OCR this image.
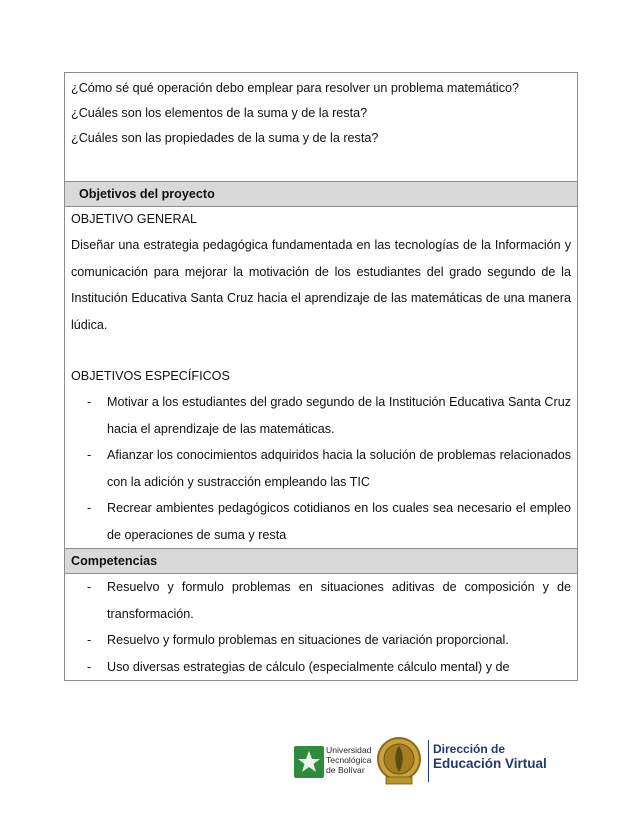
¿Cómo sé qué operación debo emplear para resolver un problema matemático?

¿Cuáles son los elementos de la suma y de la resta?

¿Cuáles son las propiedades de la suma y de la resta?

Objetivos del proyecto

OBJETIVO GENERAL

Diseñar una estrategia pedagógica fundamentada en las tecnologías de la Información y comunicación para mejorar la motivación de los estudiantes del grado segundo de la Institución Educativa Santa Cruz hacia el aprendizaje de las matemáticas de una manera lúdica.

OBJETIVOS ESPECÍFICOS

- Motivar a los estudiantes del grado segundo de la Institución Educativa Santa Cruz hacia el aprendizaje de las matemáticas.
- Afianzar los conocimientos adquiridos hacia la solución de problemas relacionados con la adición y sustracción empleando las TIC
- Recrear ambientes pedagógicos cotidianos en los cuales sea necesario el empleo de operaciones de suma y resta

Competencias

- Resuelvo y formulo problemas en situaciones aditivas de composición y de transformación.
- Resuelvo y formulo problemas en situaciones de variación proporcional.
- Uso diversas estrategias de cálculo (especialmente cálculo mental) y de
Universidad
Tecnológica
de Bolívar
Dirección de
Educación Virtual
